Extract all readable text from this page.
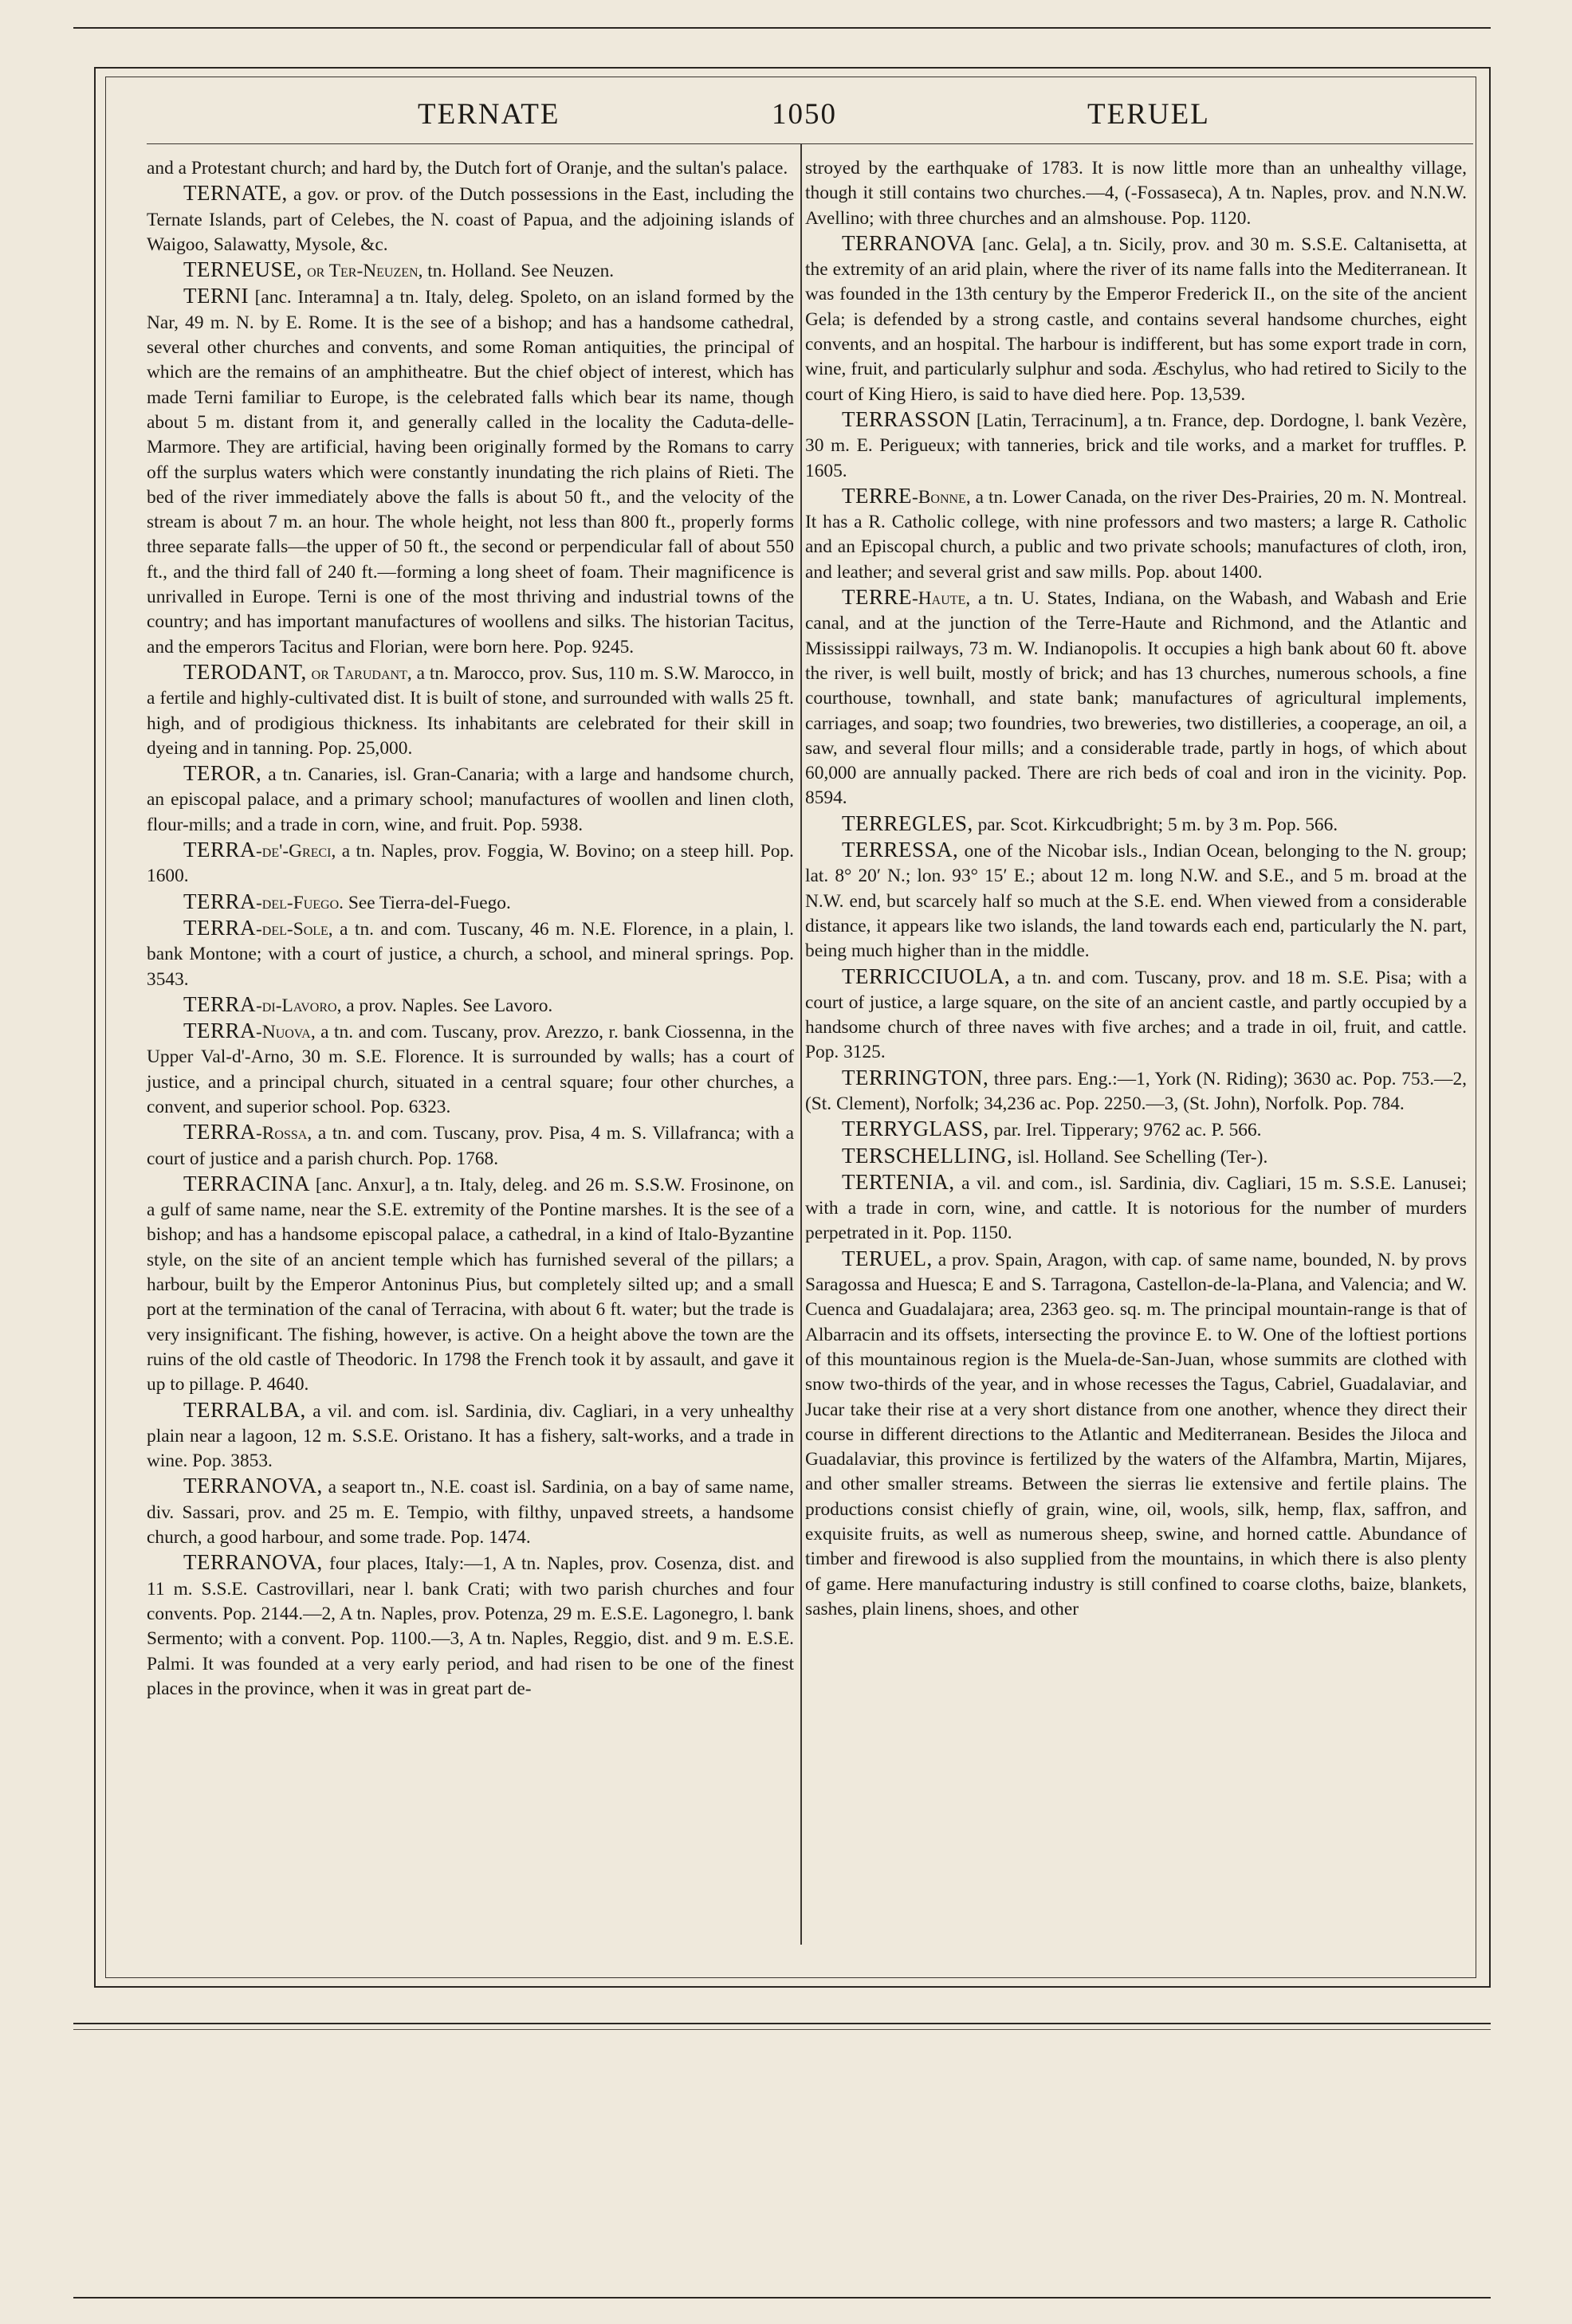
TERNATE	1050	TERUEL

and a Protestant church; and hard by, the Dutch fort of Oranje, and the sultan's palace.

TERNATE, a gov. or prov. of the Dutch possessions in the East, including the Ternate Islands, part of Celebes, the N. coast of Papua, and the adjoining islands of Waigoo, Salawatty, Mysole, &c.

TERNEUSE, or Ter-Neuzen, tn. Holland. See Neuzen.

TERNI [anc. Interamna] a tn. Italy, deleg. Spoleto, on an island formed by the Nar, 49 m. N. by E. Rome. It is the see of a bishop; and has a handsome cathedral, several other churches and convents, and some Roman antiquities, the principal of which are the remains of an amphitheatre. But the chief object of interest, which has made Terni familiar to Europe, is the celebrated falls which bear its name, though about 5 m. distant from it, and generally called in the locality the Caduta-delle-Marmore. They are artificial, having been originally formed by the Romans to carry off the surplus waters which were constantly inundating the rich plains of Rieti. The bed of the river immediately above the falls is about 50 ft., and the velocity of the stream is about 7 m. an hour. The whole height, not less than 800 ft., properly forms three separate falls—the upper of 50 ft., the second or perpendicular fall of about 550 ft., and the third fall of 240 ft.—forming a long sheet of foam. Their magnificence is unrivalled in Europe. Terni is one of the most thriving and industrial towns of the country; and has important manufactures of woollens and silks. The historian Tacitus, and the emperors Tacitus and Florian, were born here. Pop. 9245.

TERODANT, or Tarudant, a tn. Marocco, prov. Sus, 110 m. S.W. Marocco, in a fertile and highly-cultivated dist. It is built of stone, and surrounded with walls 25 ft. high, and of prodigious thickness. Its inhabitants are celebrated for their skill in dyeing and in tanning. Pop. 25,000.

TEROR, a tn. Canaries, isl. Gran-Canaria; with a large and handsome church, an episcopal palace, and a primary school; manufactures of woollen and linen cloth, flour-mills; and a trade in corn, wine, and fruit. Pop. 5938.

TERRA-de'-Greci, a tn. Naples, prov. Foggia, W. Bovino; on a steep hill. Pop. 1600.

TERRA-del-Fuego. See Tierra-del-Fuego.

TERRA-del-Sole, a tn. and com. Tuscany, 46 m. N.E. Florence, in a plain, l. bank Montone; with a court of justice, a church, a school, and mineral springs. Pop. 3543.

TERRA-di-Lavoro, a prov. Naples. See Lavoro.

TERRA-Nuova, a tn. and com. Tuscany, prov. Arezzo, r. bank Ciossenna, in the Upper Val-d'-Arno, 30 m. S.E. Florence. It is surrounded by walls; has a court of justice, and a principal church, situated in a central square; four other churches, a convent, and superior school. Pop. 6323.

TERRA-Rossa, a tn. and com. Tuscany, prov. Pisa, 4 m. S. Villafranca; with a court of justice and a parish church. Pop. 1768.

TERRACINA [anc. Anxur], a tn. Italy, deleg. and 26 m. S.S.W. Frosinone, on a gulf of same name, near the S.E. extremity of the Pontine marshes. It is the see of a bishop; and has a handsome episcopal palace, a cathedral, in a kind of Italo-Byzantine style, on the site of an ancient temple which has furnished several of the pillars; a harbour, built by the Emperor Antoninus Pius, but completely silted up; and a small port at the termination of the canal of Terracina, with about 6 ft. water; but the trade is very insignificant. The fishing, however, is active. On a height above the town are the ruins of the old castle of Theodoric. In 1798 the French took it by assault, and gave it up to pillage. P. 4640.

TERRALBA, a vil. and com. isl. Sardinia, div. Cagliari, in a very unhealthy plain near a lagoon, 12 m. S.S.E. Oristano. It has a fishery, salt-works, and a trade in wine. Pop. 3853.

TERRANOVA, a seaport tn., N.E. coast isl. Sardinia, on a bay of same name, div. Sassari, prov. and 25 m. E. Tempio, with filthy, unpaved streets, a handsome church, a good harbour, and some trade. Pop. 1474.

TERRANOVA, four places, Italy:—1, A tn. Naples, prov. Cosenza, dist. and 11 m. S.S.E. Castrovillari, near l. bank Crati; with two parish churches and four convents. Pop. 2144.—2, A tn. Naples, prov. Potenza, 29 m. E.S.E. Lagonegro, l. bank Sermento; with a convent. Pop. 1100.—3, A tn. Naples, Reggio, dist. and 9 m. E.S.E. Palmi. It was founded at a very early period, and had risen to be one of the finest places in the province, when it was in great part de-

stroyed by the earthquake of 1783. It is now little more than an unhealthy village, though it still contains two churches.—4, (-Fossaseca), A tn. Naples, prov. and N.N.W. Avellino; with three churches and an almshouse. Pop. 1120.

TERRANOVA [anc. Gela], a tn. Sicily, prov. and 30 m. S.S.E. Caltanisetta, at the extremity of an arid plain, where the river of its name falls into the Mediterranean. It was founded in the 13th century by the Emperor Frederick II., on the site of the ancient Gela; is defended by a strong castle, and contains several handsome churches, eight convents, and an hospital. The harbour is indifferent, but has some export trade in corn, wine, fruit, and particularly sulphur and soda. Æschylus, who had retired to Sicily to the court of King Hiero, is said to have died here. Pop. 13,539.

TERRASSON [Latin, Terracinum], a tn. France, dep. Dordogne, l. bank Vezère, 30 m. E. Perigueux; with tanneries, brick and tile works, and a market for truffles. P. 1605.

TERRE-Bonne, a tn. Lower Canada, on the river Des-Prairies, 20 m. N. Montreal. It has a R. Catholic college, with nine professors and two masters; a large R. Catholic and an Episcopal church, a public and two private schools; manufactures of cloth, iron, and leather; and several grist and saw mills. Pop. about 1400.

TERRE-Haute, a tn. U. States, Indiana, on the Wabash, and Wabash and Erie canal, and at the junction of the Terre-Haute and Richmond, and the Atlantic and Mississippi railways, 73 m. W. Indianopolis. It occupies a high bank about 60 ft. above the river, is well built, mostly of brick; and has 13 churches, numerous schools, a fine courthouse, townhall, and state bank; manufactures of agricultural implements, carriages, and soap; two foundries, two breweries, two distilleries, a cooperage, an oil, a saw, and several flour mills; and a considerable trade, partly in hogs, of which about 60,000 are annually packed. There are rich beds of coal and iron in the vicinity. Pop. 8594.

TERREGLES, par. Scot. Kirkcudbright; 5 m. by 3 m. Pop. 566.

TERRESSA, one of the Nicobar isls., Indian Ocean, belonging to the N. group; lat. 8° 20′ N.; lon. 93° 15′ E.; about 12 m. long N.W. and S.E., and 5 m. broad at the N.W. end, but scarcely half so much at the S.E. end. When viewed from a considerable distance, it appears like two islands, the land towards each end, particularly the N. part, being much higher than in the middle.

TERRICCIUOLA, a tn. and com. Tuscany, prov. and 18 m. S.E. Pisa; with a court of justice, a large square, on the site of an ancient castle, and partly occupied by a handsome church of three naves with five arches; and a trade in oil, fruit, and cattle. Pop. 3125.

TERRINGTON, three pars. Eng.:—1, York (N. Riding); 3630 ac. Pop. 753.—2, (St. Clement), Norfolk; 34,236 ac. Pop. 2250.—3, (St. John), Norfolk. Pop. 784.

TERRYGLASS, par. Irel. Tipperary; 9762 ac. P. 566.

TERSCHELLING, isl. Holland. See Schelling (Ter-).

TERTENIA, a vil. and com., isl. Sardinia, div. Cagliari, 15 m. S.S.E. Lanusei; with a trade in corn, wine, and cattle. It is notorious for the number of murders perpetrated in it. Pop. 1150.

TERUEL, a prov. Spain, Aragon, with cap. of same name, bounded, N. by provs Saragossa and Huesca; E and S. Tarragona, Castellon-de-la-Plana, and Valencia; and W. Cuenca and Guadalajara; area, 2363 geo. sq. m. The principal mountain-range is that of Albarracin and its offsets, intersecting the province E. to W. One of the loftiest portions of this mountainous region is the Muela-de-San-Juan, whose summits are clothed with snow two-thirds of the year, and in whose recesses the Tagus, Cabriel, Guadalaviar, and Jucar take their rise at a very short distance from one another, whence they direct their course in different directions to the Atlantic and Mediterranean. Besides the Jiloca and Guadalaviar, this province is fertilized by the waters of the Alfambra, Martin, Mijares, and other smaller streams. Between the sierras lie extensive and fertile plains. The productions consist chiefly of grain, wine, oil, wools, silk, hemp, flax, saffron, and exquisite fruits, as well as numerous sheep, swine, and horned cattle. Abundance of timber and firewood is also supplied from the mountains, in which there is also plenty of game. Here manufacturing industry is still confined to coarse cloths, baize, blankets, sashes, plain linens, shoes, and other
